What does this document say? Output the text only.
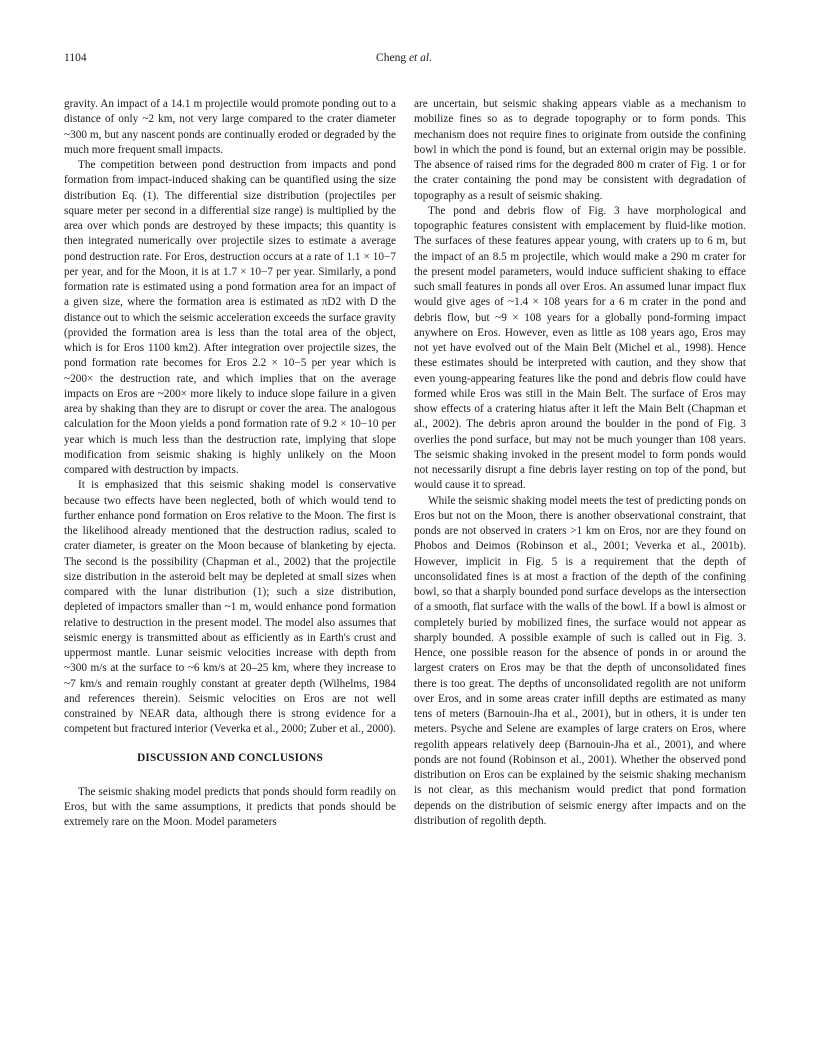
1104	Cheng et al.

gravity. An impact of a 14.1 m projectile would promote ponding out to a distance of only ~2 km, not very large compared to the crater diameter ~300 m, but any nascent ponds are continually eroded or degraded by the much more frequent small impacts.

The competition between pond destruction from impacts and pond formation from impact-induced shaking can be quantified using the size distribution Eq. (1). The differential size distribution (projectiles per square meter per second in a differential size range) is multiplied by the area over which ponds are destroyed by these impacts; this quantity is then integrated numerically over projectile sizes to estimate a average pond destruction rate. For Eros, destruction occurs at a rate of 1.1 × 10−7 per year, and for the Moon, it is at 1.7 × 10−7 per year. Similarly, a pond formation rate is estimated using a pond formation area for an impact of a given size, where the formation area is estimated as πD2 with D the distance out to which the seismic acceleration exceeds the surface gravity (provided the formation area is less than the total area of the object, which is for Eros 1100 km2). After integration over projectile sizes, the pond formation rate becomes for Eros 2.2 × 10−5 per year which is ~200× the destruction rate, and which implies that on the average impacts on Eros are ~200× more likely to induce slope failure in a given area by shaking than they are to disrupt or cover the area. The analogous calculation for the Moon yields a pond formation rate of 9.2 × 10−10 per year which is much less than the destruction rate, implying that slope modification from seismic shaking is highly unlikely on the Moon compared with destruction by impacts.

It is emphasized that this seismic shaking model is conservative because two effects have been neglected, both of which would tend to further enhance pond formation on Eros relative to the Moon. The first is the likelihood already mentioned that the destruction radius, scaled to crater diameter, is greater on the Moon because of blanketing by ejecta. The second is the possibility (Chapman et al., 2002) that the projectile size distribution in the asteroid belt may be depleted at small sizes when compared with the lunar distribution (1); such a size distribution, depleted of impactors smaller than ~1 m, would enhance pond formation relative to destruction in the present model. The model also assumes that seismic energy is transmitted about as efficiently as in Earth's crust and uppermost mantle. Lunar seismic velocities increase with depth from ~300 m/s at the surface to ~6 km/s at 20–25 km, where they increase to ~7 km/s and remain roughly constant at greater depth (Wilhelms, 1984 and references therein). Seismic velocities on Eros are not well constrained by NEAR data, although there is strong evidence for a competent but fractured interior (Veverka et al., 2000; Zuber et al., 2000).

DISCUSSION AND CONCLUSIONS

The seismic shaking model predicts that ponds should form readily on Eros, but with the same assumptions, it predicts that ponds should be extremely rare on the Moon. Model parameters

are uncertain, but seismic shaking appears viable as a mechanism to mobilize fines so as to degrade topography or to form ponds. This mechanism does not require fines to originate from outside the confining bowl in which the pond is found, but an external origin may be possible. The absence of raised rims for the degraded 800 m crater of Fig. 1 or for the crater containing the pond may be consistent with degradation of topography as a result of seismic shaking.

The pond and debris flow of Fig. 3 have morphological and topographic features consistent with emplacement by fluid-like motion. The surfaces of these features appear young, with craters up to 6 m, but the impact of an 8.5 m projectile, which would make a 290 m crater for the present model parameters, would induce sufficient shaking to efface such small features in ponds all over Eros. An assumed lunar impact flux would give ages of ~1.4 × 108 years for a 6 m crater in the pond and debris flow, but ~9 × 108 years for a globally pond-forming impact anywhere on Eros. However, even as little as 108 years ago, Eros may not yet have evolved out of the Main Belt (Michel et al., 1998). Hence these estimates should be interpreted with caution, and they show that even young-appearing features like the pond and debris flow could have formed while Eros was still in the Main Belt. The surface of Eros may show effects of a cratering hiatus after it left the Main Belt (Chapman et al., 2002). The debris apron around the boulder in the pond of Fig. 3 overlies the pond surface, but may not be much younger than 108 years. The seismic shaking invoked in the present model to form ponds would not necessarily disrupt a fine debris layer resting on top of the pond, but would cause it to spread.

While the seismic shaking model meets the test of predicting ponds on Eros but not on the Moon, there is another observational constraint, that ponds are not observed in craters >1 km on Eros, nor are they found on Phobos and Deimos (Robinson et al., 2001; Veverka et al., 2001b). However, implicit in Fig. 5 is a requirement that the depth of unconsolidated fines is at most a fraction of the depth of the confining bowl, so that a sharply bounded pond surface develops as the intersection of a smooth, flat surface with the walls of the bowl. If a bowl is almost or completely buried by mobilized fines, the surface would not appear as sharply bounded. A possible example of such is called out in Fig. 3. Hence, one possible reason for the absence of ponds in or around the largest craters on Eros may be that the depth of unconsolidated fines there is too great. The depths of unconsolidated regolith are not uniform over Eros, and in some areas crater infill depths are estimated as many tens of meters (Barnouin-Jha et al., 2001), but in others, it is under ten meters. Psyche and Selene are examples of large craters on Eros, where regolith appears relatively deep (Barnouin-Jha et al., 2001), and where ponds are not found (Robinson et al., 2001). Whether the observed pond distribution on Eros can be explained by the seismic shaking mechanism is not clear, as this mechanism would predict that pond formation depends on the distribution of seismic energy after impacts and on the distribution of regolith depth.
